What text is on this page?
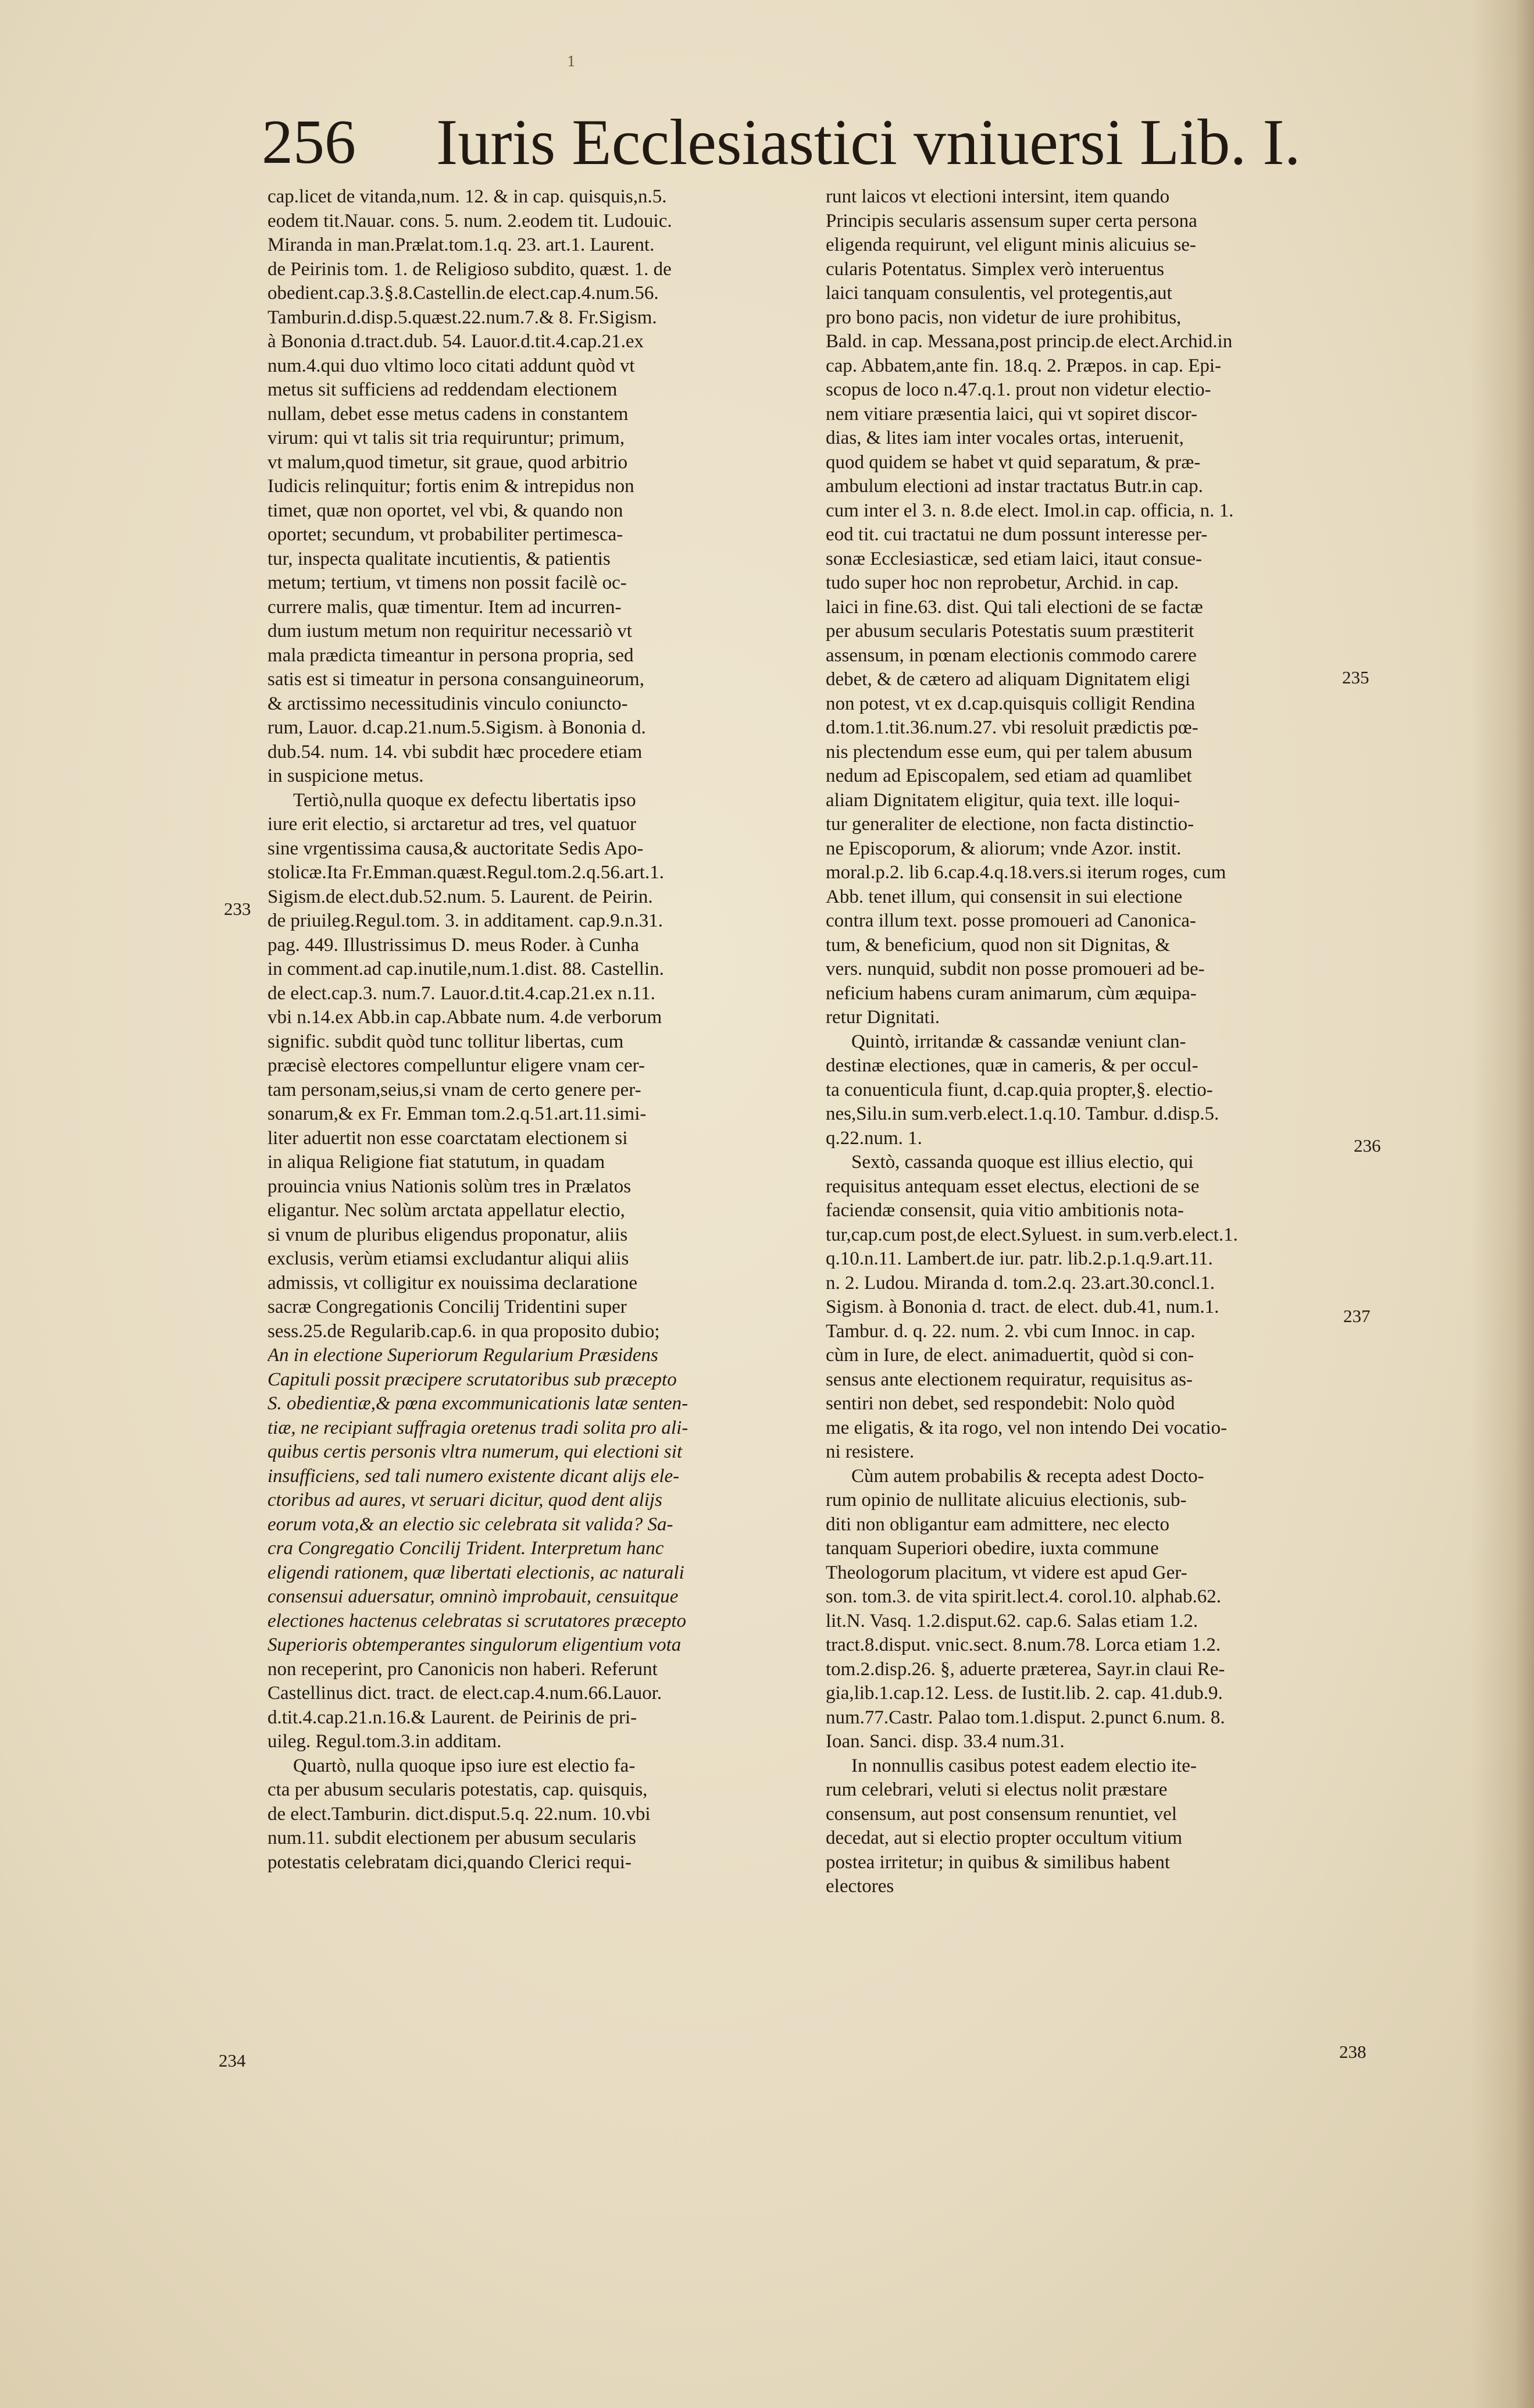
1
256 Iuris Ecclesiastici vniuersi Lib. I.
cap.licet de vitanda,num. 12. & in cap. quisquis,n.5.
eodem tit.Nauar. cons. 5. num. 2.eodem tit. Ludouic.
Miranda in man.Prælat.tom.1.q. 23. art.1. Laurent.
de Peirinis tom. 1. de Religioso subdito, quæst. 1. de
obedient.cap.3.§.8.Castellin.de elect.cap.4.num.56.
Tamburin.d.disp.5.quæst.22.num.7.& 8. Fr.Sigism.
à Bononia d.tract.dub. 54. Lauor.d.tit.4.cap.21.ex
num.4.qui duo vltimo loco citati addunt quòd vt
metus sit sufficiens ad reddendam electionem
nullam, debet esse metus cadens in constantem
virum: qui vt talis sit tria requiruntur; primum,
vt malum,quod timetur, sit graue, quod arbitrio
Iudicis relinquitur; fortis enim & intrepidus non
timet, quæ non oportet, vel vbi, & quando non
oportet; secundum, vt probabiliter pertimescа-
tur, inspecta qualitate incutientis, & patientis
metum; tertium, vt timens non possit facilè oc-
currere malis, quæ timentur. Item ad incurren-
dum iustum metum non requiritur necessariò vt
mala prædicta timeantur in persona propria, sed
satis est si timeatur in persona consanguineorum,
& arctissimo necessitudinis vinculo coniuncto-
rum, Lauor. d.cap.21.num.5.Sigism. à Bononia d.
dub.54. num. 14. vbi subdit hæc procedere etiam
in suspicione metus.
Tertiò,nulla quoque ex defectu libertatis ipso
iure erit electio, si arctaretur ad tres, vel quatuor
sine vrgentissima causa,& auctoritate Sedis Apo-
stolicæ.Ita Fr.Emman.quæst.Regul.tom.2.q.56.art.1.
Sigism.de elect.dub.52.num. 5. Laurent. de Peirin.
de priuileg.Regul.tom. 3. in additament. cap.9.n.31.
pag. 449. Illustrissimus D. meus Roder. à Cunha
in comment.ad cap.inutile,num.1.dist. 88. Castellin.
de elect.cap.3. num.7. Lauor.d.tit.4.cap.21.ex n.11.
vbi n.14.ex Abb.in cap.Abbate num. 4.de verborum
signific. subdit quòd tunc tollitur libertas, cum
præcisè electores compelluntur eligere vnam cer-
tam personam,seius,si vnam de certo genere per-
sonarum,& ex Fr. Emman tom.2.q.51.art.11.simi-
liter aduertit non esse coarctatam electionem si
in aliqua Religione fiat statutum, in quadam
prouincia vnius Nationis solùm tres in Prælatos
eligantur. Nec solùm arctata appellatur electio,
si vnum de pluribus eligendus proponatur, aliis
exclusis, verùm etiamsi excludantur aliqui aliis
admissis, vt colligitur ex nouissima declaratione
sacræ Congregationis Concilij Tridentini super
sess.25.de Regularib.cap.6. in qua proposito dubio;
An in electione Superiorum Regularium Præsidens
Capituli possit præcipere scrutatoribus sub præcepto
S. obedientiæ,& pœna excommunicationis latæ senten-
tiæ, ne recipiant suffragia oretenus tradi solita pro ali-
quibus certis personis vltra numerum, qui electioni sit
insufficiens, sed tali numero existente dicant alijs ele-
ctoribus ad aures, vt seruari dicitur, quod dent alijs
eorum vota,& an electio sic celebrata sit valida? Sa-
cra Congregatio Concilij Trident. Interpretum hanc
eligendi rationem, quæ libertati electionis, ac naturali
consensui aduersatur, omninò improbauit, censuitque
electiones hactenus celebratas si scrutatores præcepto
Superioris obtemperantes singulorum eligentium vota
non receperint, pro Canonicis non haberi. Referunt
Castellinus dict. tract. de elect.cap.4.num.66.Lauor.
d.tit.4.cap.21.n.16.& Laurent. de Peirinis de pri-
uileg. Regul.tom.3.in additam.
Quartò, nulla quoque ipso iure est electio fa-
cta per abusum secularis potestatis, cap. quisquis,
de elect.Tamburin. dict.disput.5.q. 22.num. 10.vbi
num.11. subdit electionem per abusum secularis
potestatis celebratam dici,quando Clerici requi-
runt laicos vt electioni intersint, item quando
Principis secularis assensum super certa persona
eligenda requirunt, vel eligunt minis alicuius se-
cularis Potentatus. Simplex verò interuentus
laici tanquam consulentis, vel protegentis,aut
pro bono pacis, non videtur de iure prohibitus,
Bald. in cap. Messana,post princip.de elect.Archid.in
cap. Abbatem,ante fin. 18.q. 2. Præpos. in cap. Epi-
scopus de loco n.47.q.1. prout non videtur electio-
nem vitiare præsentia laici, qui vt sopiret discor-
dias, & lites iam inter vocales ortas, interuenit,
quod quidem se habet vt quid separatum, & præ-
ambulum electioni ad instar tractatus Butr.in cap.
cum inter el 3. n. 8.de elect. Imol.in cap. officia, n. 1.
eod tit. cui tractatui ne dum possunt interesse per-
sonæ Ecclesiasticæ, sed etiam laici, itaut consue-
tudo super hoc non reprobetur, Archid. in cap.
laici in fine.63. dist. Qui tali electioni de se factæ
per abusum secularis Potestatis suum præstiterit
assensum, in pœnam electionis commodo carere
debet, & de cætero ad aliquam Dignitatem eligi
non potest, vt ex d.cap.quisquis colligit Rendina
d.tom.1.tit.36.num.27. vbi resoluit prædictis pœ-
nis plectendum esse eum, qui per talem abusum
nedum ad Episcopalem, sed etiam ad quamlibet
aliam Dignitatem eligitur, quia text. ille loqui-
tur generaliter de electione, non facta distinctio-
ne Episcoporum, & aliorum; vnde Azor. instit.
moral.p.2. lib 6.cap.4.q.18.vers.si iterum roges, cum
Abb. tenet illum, qui consensit in sui electione
contra illum text. posse promoueri ad Canonica-
tum, & beneficium, quod non sit Dignitas, &
vers. nunquid, subdit non posse promoueri ad be-
neficium habens curam animarum, cùm æquipa-
retur Dignitati.
Quintò, irritandæ & cassandæ veniunt clan-
destinæ electiones, quæ in cameris, & per occul-
ta conuenticula fiunt, d.cap.quia propter,§. electio-
nes,Silu.in sum.verb.elect.1.q.10. Tambur. d.disp.5.
q.22.num. 1.
Sextò, cassanda quoque est illius electio, qui
requisitus antequam esset electus, electioni de se
faciendæ consensit, quia vitio ambitionis nota-
tur,cap.cum post,de elect.Syluest. in sum.verb.elect.1.
q.10.n.11. Lambert.de iur. patr. lib.2.p.1.q.9.art.11.
n. 2. Ludou. Miranda d. tom.2.q. 23.art.30.concl.1.
Sigism. à Bononia d. tract. de elect. dub.41, num.1.
Tambur. d. q. 22. num. 2. vbi cum Innoc. in cap.
cùm in Iure, de elect. animaduertit, quòd si con-
sensus ante electionem requiratur, requisitus as-
sentiri non debet, sed respondebit: Nolo quòd
me eligatis, & ita rogo, vel non intendo Dei vocatio-
ni resistere.
Cùm autem probabilis & recepta adest Docto-
rum opinio de nullitate alicuius electionis, sub-
diti non obligantur eam admittere, nec electo
tanquam Superiori obedire, iuxta commune
Theologorum placitum, vt videre est apud Ger-
son. tom.3. de vita spirit.lect.4. corol.10. alphab.62.
lit.N. Vasq. 1.2.disput.62. cap.6. Salas etiam 1.2.
tract.8.disput. vnic.sect. 8.num.78. Lorca etiam 1.2.
tom.2.disp.26. §, aduerte præterea, Sayr.in claui Re-
gia,lib.1.cap.12. Less. de Iustit.lib. 2. cap. 41.dub.9.
num.77.Castr. Palao tom.1.disput. 2.punct 6.num. 8.
Ioan. Sanci. disp. 33.4 num.31.
In nonnullis casibus potest eadem electio ite-
rum celebrari, veluti si electus nolit præstare
consensum, aut post consensum renuntiet, vel
decedat, aut si electio propter occultum vitium
postea irritetur; in quibus & similibus habent
electores
233
234
235
236
237
238
